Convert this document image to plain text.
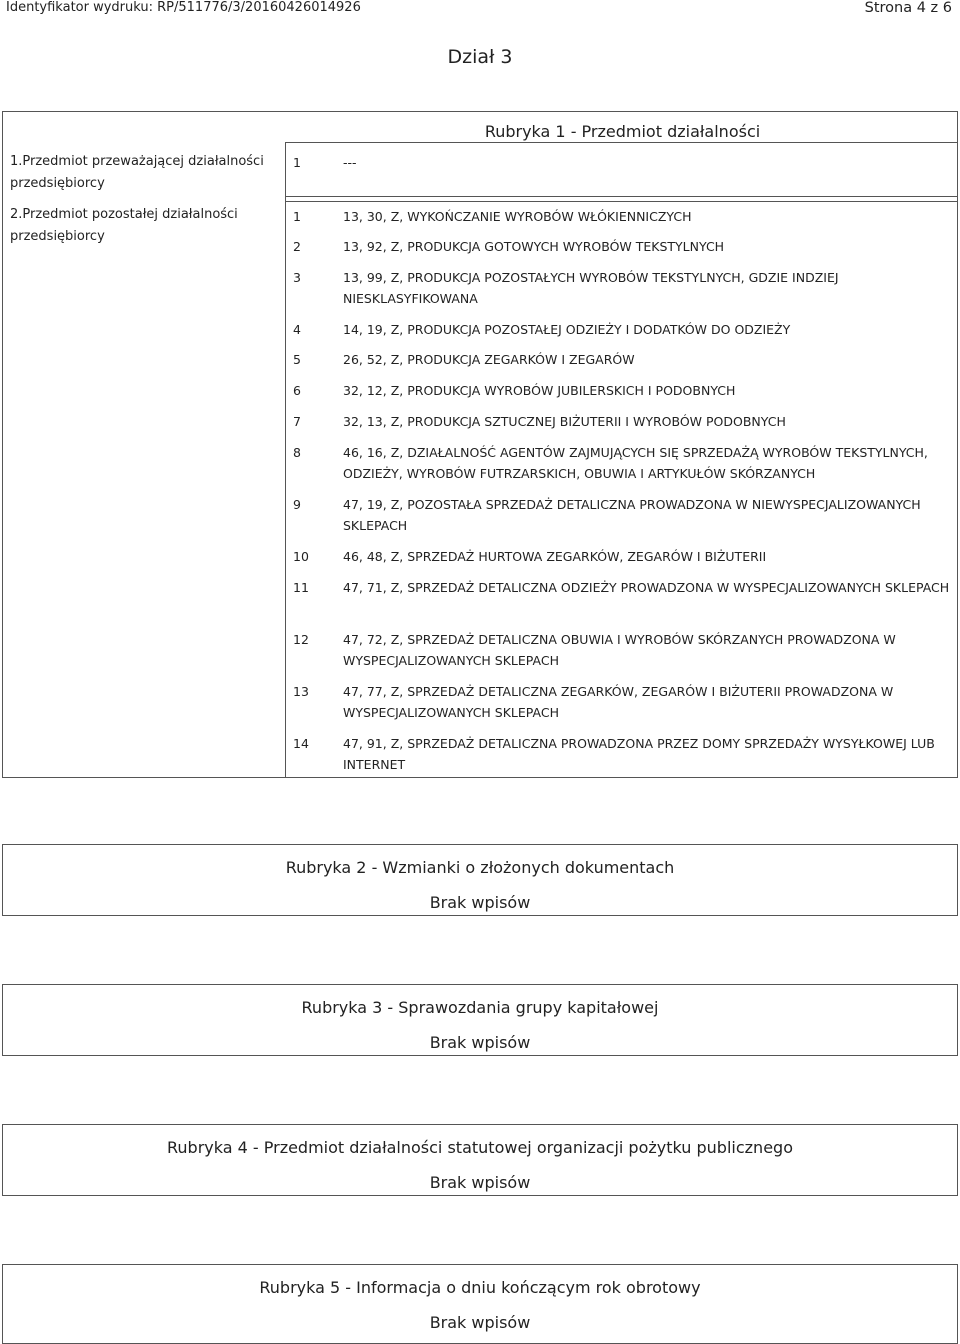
Identyfikator wydruku: RP/511776/3/20160426014926	Strona 4 z 6
Dział 3
Rubryka 1 - Przedmiot działalności
1.Przedmiot przeważającej działalności przedsiębiorcy
1	---
2.Przedmiot pozostałej działalności przedsiębiorcy
1	13, 30, Z, WYKOŃCZANIE WYROBÓW WŁÓKIENNICZYCH
2	13, 92, Z, PRODUKCJA GOTOWYCH WYROBÓW TEKSTYLNYCH
3	13, 99, Z, PRODUKCJA POZOSTAŁYCH WYROBÓW TEKSTYLNYCH, GDZIE INDZIEJ NIESKLASYFIKOWANA
4	14, 19, Z, PRODUKCJA POZOSTAŁEJ ODZIEŻY I DODATKÓW DO ODZIEŻY
5	26, 52, Z, PRODUKCJA ZEGARKÓW I ZEGARÓW
6	32, 12, Z, PRODUKCJA WYROBÓW JUBILERSKICH I PODOBNYCH
7	32, 13, Z, PRODUKCJA SZTUCZNEJ BIŻUTERII I WYROBÓW PODOBNYCH
8	46, 16, Z, DZIAŁALNOŚĆ AGENTÓW ZAJMUJĄCYCH SIĘ SPRZEDAŻĄ WYROBÓW TEKSTYLNYCH, ODZIEŻY, WYROBÓW FUTRZARSKICH, OBUWIA I ARTYKUŁÓW SKÓRZANYCH
9	47, 19, Z, POZOSTAŁA SPRZEDAŻ DETALICZNA PROWADZONA W NIEWYSPECJALIZOWANYCH SKLEPACH
10	46, 48, Z, SPRZEDAŻ HURTOWA ZEGARKÓW, ZEGARÓW I BIŻUTERII
11	47, 71, Z, SPRZEDAŻ DETALICZNA ODZIEŻY PROWADZONA W WYSPECJALIZOWANYCH SKLEPACH
12	47, 72, Z, SPRZEDAŻ DETALICZNA OBUWIA I WYROBÓW SKÓRZANYCH PROWADZONA W WYSPECJALIZOWANYCH SKLEPACH
13	47, 77, Z, SPRZEDAŻ DETALICZNA ZEGARKÓW, ZEGARÓW I BIŻUTERII PROWADZONA W WYSPECJALIZOWANYCH SKLEPACH
14	47, 91, Z, SPRZEDAŻ DETALICZNA PROWADZONA PRZEZ DOMY SPRZEDAŻY WYSYŁKOWEJ LUB INTERNET
Rubryka 2 - Wzmianki o złożonych dokumentach
Brak wpisów
Rubryka 3 - Sprawozdania grupy kapitałowej
Brak wpisów
Rubryka 4 - Przedmiot działalności statutowej organizacji pożytku publicznego
Brak wpisów
Rubryka 5 - Informacja o dniu kończącym rok obrotowy
Brak wpisów
